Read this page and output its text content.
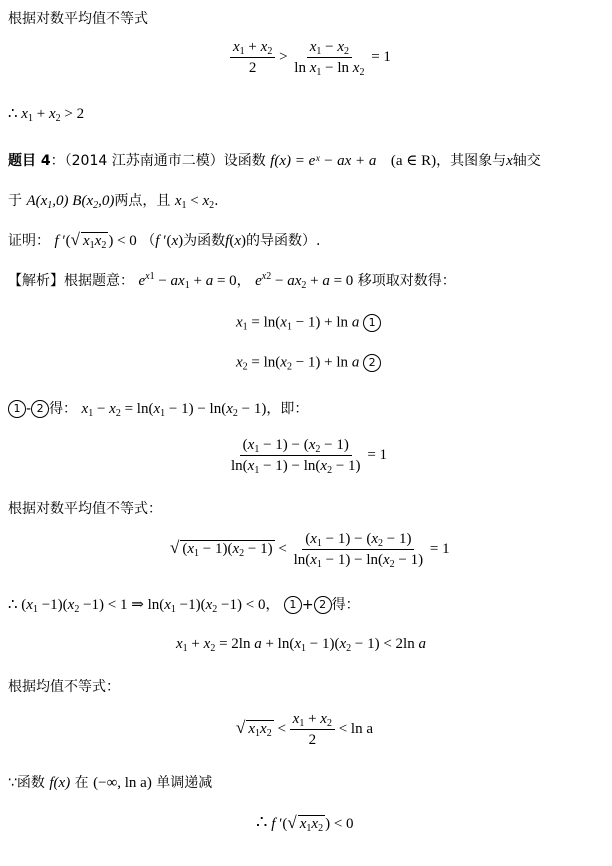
根据对数平均值不等式
$\frac{x_1 + x_2}{2} > \frac{x_1 - x_2}{\ln x_1 - \ln x_2} = 1$
∴ $x_1 + x_2 > 2$
题目 4：（2014 江苏南通市二模）设函数 f(x) = eˣ − ax + a (a ∈ R)，其图象与x轴交
于 $A(x_1,0)$ $B(x_2,0)$两点，且 $x_1 < x_2$.
证明： f ′(√ $x_1x_2$ ) < 0 （f ′(x)为函数f(x)的导函数）.
【解析】根据题意： $e^{x1} - ax_1 + a = 0$， $e^{x2} - ax_2 + a = 0$ 移项取对数得：
$x_1 = \ln(x_1 - 1) + \ln a$ 1
$x_2 = \ln(x_2 - 1) + \ln a$ 2
1 - 2 得： $x_1 - x_2 = \ln(x_1 - 1) - \ln(x_2 - 1)$，即：
$\frac{(x_1 - 1) - (x_2 - 1)}{\ln(x_1 - 1) - \ln(x_2 - 1)} = 1$
根据对数平均值不等式：
√ $(x_1 - 1)(x_2 - 1) < \frac{(x_1 - 1) - (x_2 - 1)}{\ln(x_1 - 1) - \ln(x_2 - 1)} = 1$
∴ $(x_1 -1)(x_2 -1) < 1$ ⇒ $\ln(x_1 -1)(x_2 -1) < 0$， 1 + 2 得：
$x_1 + x_2 = 2\ln$ $a + \ln(x_1 - 1)(x_2 - 1) < 2\ln$ a
根据均值不等式：
√ $x_1x_2 < \frac{x_1 + x_2}{2} < \ln a$
∵函数 f(x) 在 (−∞, ln a) 单调递减
∴ f ′(√ $x_1x_2$ ) < 0
